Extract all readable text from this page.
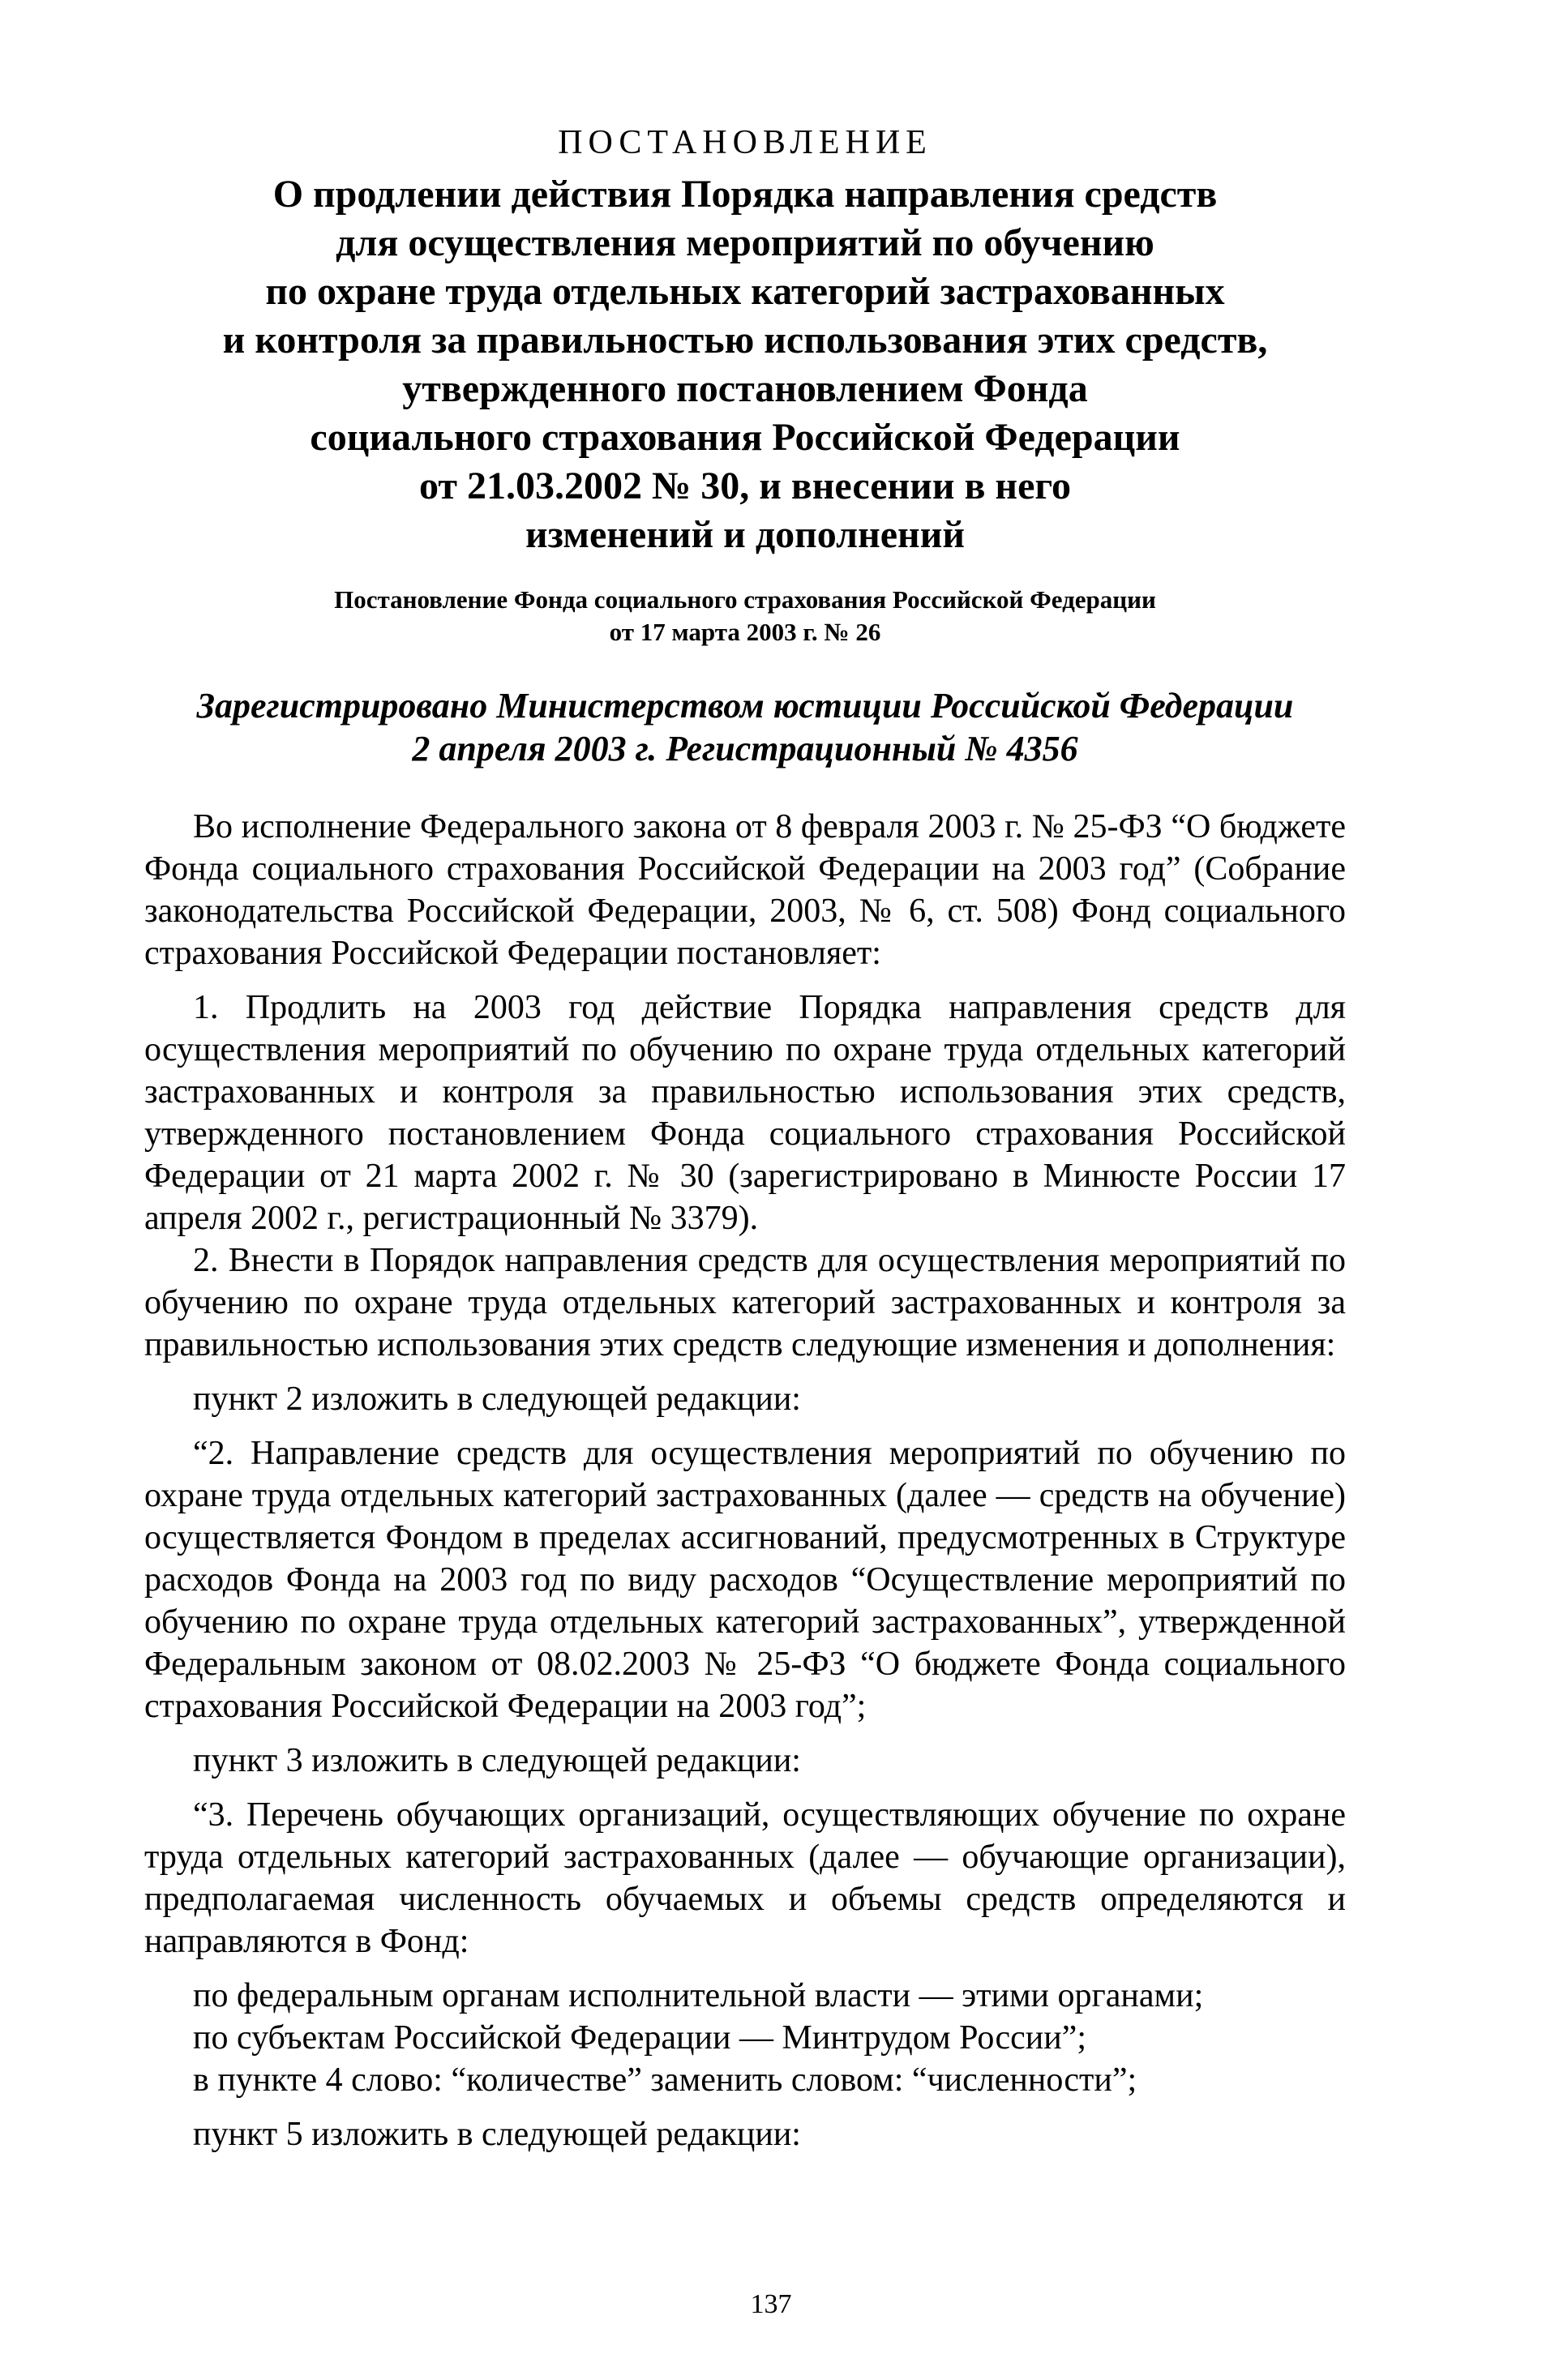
ПОСТАНОВЛЕНИЕ
О продлении действия Порядка направления средств
для осуществления мероприятий по обучению
по охране труда отдельных категорий застрахованных
и контроля за правильностью использования этих средств,
утвержденного постановлением Фонда
социального страхования Российской Федерации
от 21.03.2002 № 30, и внесении в него
изменений и дополнений
Постановление Фонда социального страхования Российской Федерации
от 17 марта 2003 г. № 26
Зарегистрировано Министерством юстиции Российской Федерации
2 апреля 2003 г. Регистрационный № 4356

Во исполнение Федерального закона от 8 февраля 2003 г. № 25-ФЗ “О бюджете Фонда социального страхования Российской Федерации на 2003 год” (Собрание законодательства Российской Федерации, 2003, № 6, ст. 508) Фонд социального страхования Российской Федерации постановляет:

1. Продлить на 2003 год действие Порядка направления средств для осуществления мероприятий по обучению по охране труда отдельных категорий застрахованных и контроля за правильностью использования этих средств, утвержденного постановлением Фонда социального страхования Российской Федерации от 21 марта 2002 г. № 30 (зарегистрировано в Минюсте России 17 апреля 2002 г., регистрационный № 3379).

2. Внести в Порядок направления средств для осуществления мероприятий по обучению по охране труда отдельных категорий застрахованных и контроля за правильностью использования этих средств следующие изменения и дополнения:

пункт 2 изложить в следующей редакции:

“2. Направление средств для осуществления мероприятий по обучению по охране труда отдельных категорий застрахованных (далее — средств на обучение) осуществляется Фондом в пределах ассигнований, предусмотренных в Структуре расходов Фонда на 2003 год по виду расходов “Осуществление мероприятий по обучению по охране труда отдельных категорий застрахованных”, утвержденной Федеральным законом от 08.02.2003 № 25-ФЗ “О бюджете Фонда социального страхования Российской Федерации на 2003 год”;

пункт 3 изложить в следующей редакции:

“3. Перечень обучающих организаций, осуществляющих обучение по охране труда отдельных категорий застрахованных (далее — обучающие организации), предполагаемая численность обучаемых и объемы средств определяются и направляются в Фонд:

по федеральным органам исполнительной власти — этими органами;

по субъектам Российской Федерации — Минтрудом России”;

в пункте 4 слово: “количестве” заменить словом: “численности”;

пункт 5 изложить в следующей редакции:

137
